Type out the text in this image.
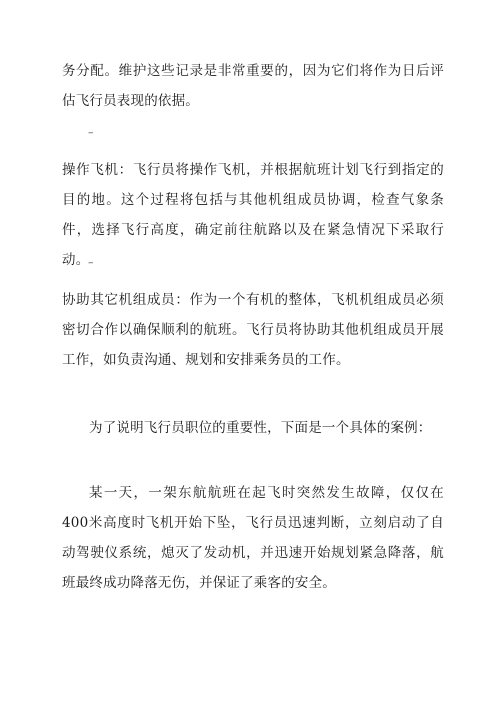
务分配。维护这些记录是非常重要的，因为它们将作为日后评估飞行员表现的依据。

–

操作飞机：飞行员将操作飞机，并根据航班计划飞行到指定的目的地。这个过程将包括与其他机组成员协调，检查气象条件，选择飞行高度，确定前往航路以及在紧急情况下采取行动。

–

协助其它机组成员：作为一个有机的整体，飞机机组成员必须密切合作以确保顺利的航班。飞行员将协助其他机组成员开展工作，如负责沟通、规划和安排乘务员的工作。

为了说明飞行员职位的重要性，下面是一个具体的案例：

某一天，一架东航航班在起飞时突然发生故障，仅仅在400米高度时飞机开始下坠，飞行员迅速判断，立刻启动了自动驾驶仪系统，熄灭了发动机，并迅速开始规划紧急降落，航班最终成功降落无伤，并保证了乘客的安全。
